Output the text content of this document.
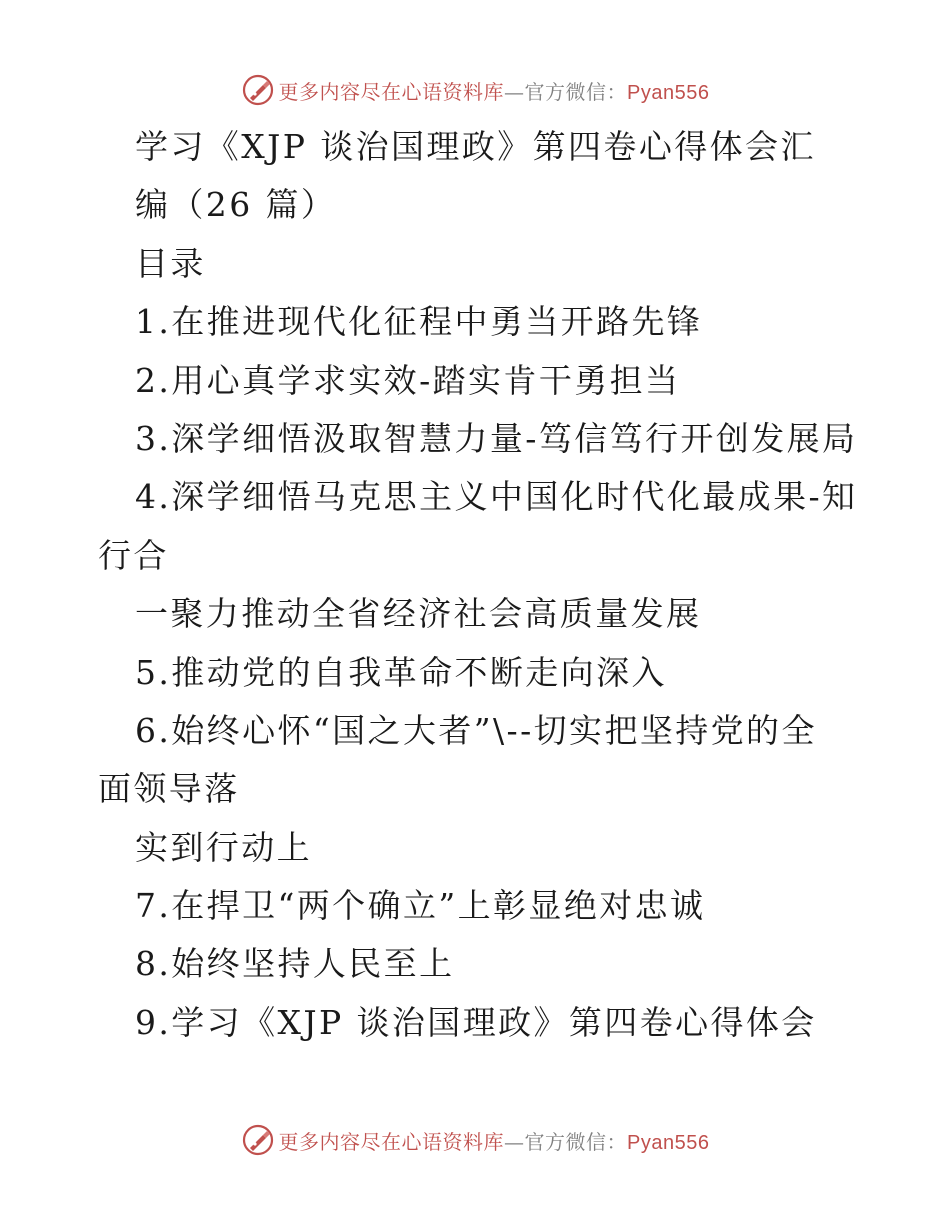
更多内容尽在心语资料库—官方微信：Pyan556
学习《XJP 谈治国理政》第四卷心得体会汇
编（26 篇）
目录
1.在推进现代化征程中勇当开路先锋
2.用心真学求实效-踏实肯干勇担当
3.深学细悟汲取智慧力量-笃信笃行开创发展局
4.深学细悟马克思主义中国化时代化最成果-知
行合
一聚力推动全省经济社会高质量发展
5.推动党的自我革命不断走向深入
6.始终心怀“国之大者”\--切实把坚持党的全
面领导落
实到行动上
7.在捍卫“两个确立”上彰显绝对忠诚
8.始终坚持人民至上
9.学习《XJP 谈治国理政》第四卷心得体会
更多内容尽在心语资料库—官方微信：Pyan556
